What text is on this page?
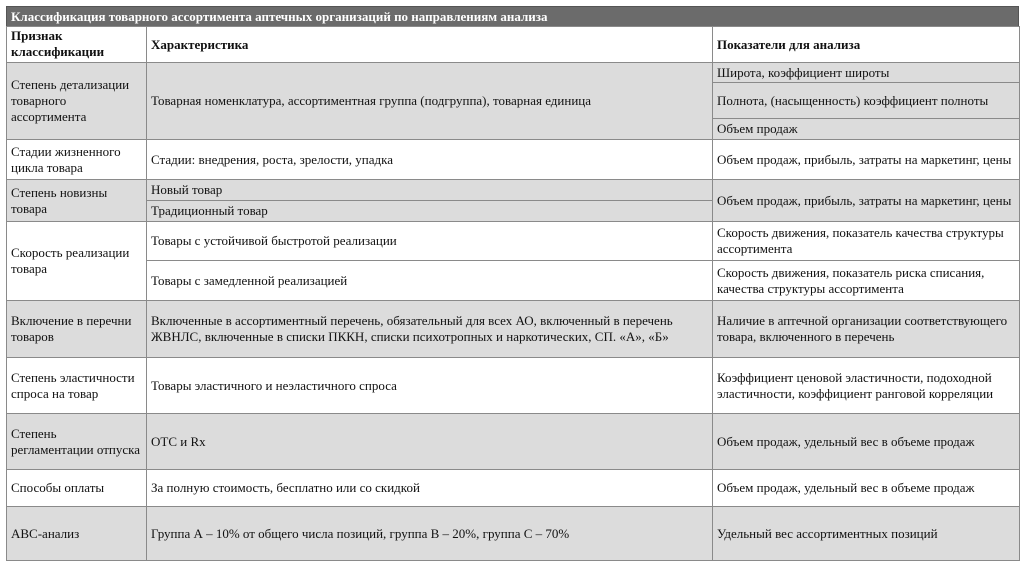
Классификация товарного ассортимента аптечных организаций по направлениям анализа
Признак классификации	Характеристика	Показатели для анализа
Степень детализации товарного ассортимента	Товарная номенклатура, ассортиментная группа (подгруппа), товарная единица	Широта, коэффициент широты
		Полнота, (насыщенность) коэффициент полноты
		Объем продаж
Стадии жизненного цикла товара	Стадии: внедрения, роста, зрелости, упадка	Объем продаж, прибыль, затраты на маркетинг, цены
Степень новизны товара	Новый товар	Объем продаж, прибыль, затраты на маркетинг, цены
	Традиционный товар	
Скорость реализации товара	Товары с устойчивой быстротой реализации	Скорость движения, показатель качества структуры ассортимента
	Товары с замедленной реализацией	Скорость движения, показатель риска списания, качества структуры ассортимента
Включение в перечни товаров	Включенные в ассортиментный перечень, обязательный для всех АО, включенный в перечень ЖВНЛС, включенные в списки ПККН, списки психотропных и наркотических, СП. «А», «Б»	Наличие в аптечной организации соответствующего товара, включенного в перечень
Степень эластичности спроса на товар	Товары эластичного и неэластичного спроса	Коэффициент ценовой эластичности, подоходной эластичности, коэффициент ранговой корреляции
Степень регламентации отпуска	ОТС и Rx	Объем продаж, удельный вес в объеме продаж
Способы оплаты	За полную стоимость, бесплатно или со скидкой	Объем продаж, удельный вес в объеме продаж
ABC-анализ	Группа А – 10% от общего числа позиций, группа В – 20%, группа С – 70%	Удельный вес ассортиментных позиций
